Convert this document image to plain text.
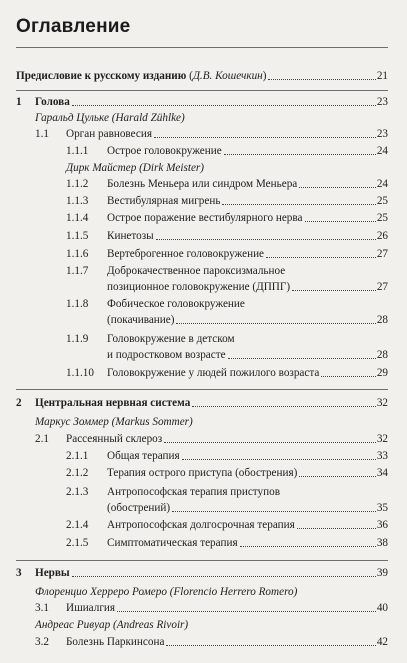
Оглавление
Предисловие к русскому изданию (Д.В. Кошечкин)	21
1 Голова	23
Гаральд Цульке (Harald Zühlke)
1.1 Орган равновесия	23
1.1.1 Острое головокружение	24
Дирк Майстер (Dirk Meister)
1.1.2 Болезнь Меньера или синдром Меньера	24
1.1.3 Вестибулярная мигрень	25
1.1.4 Острое поражение вестибулярного нерва	25
1.1.5 Кинетозы	26
1.1.6 Вертеброгенное головокружение	27
1.1.7 Доброкачественное пароксизмальное
позиционное головокружение (ДППГ)	27
1.1.8 Фобическое головокружение
(покачивание)	28
1.1.9 Головокружение в детском
и подростковом возрасте	28
1.1.10 Головокружение у людей пожилого возраста	29
2 Центральная нервная система	32
Маркус Зоммер (Markus Sommer)
2.1 Рассеянный склероз	32
2.1.1 Общая терапия	33
2.1.2 Терапия острого приступа (обострения)	34
2.1.3 Антропософская терапия приступов
(обострений)	35
2.1.4 Антропософская долгосрочная терапия	36
2.1.5 Симптоматическая терапия	38
3 Нервы	39
Флоренцио Херреро Ромеро (Florencio Herrero Romero)
3.1 Ишиалгия	40
Андреас Ривуар (Andreas Rivoir)
3.2 Болезнь Паркинсона	42
